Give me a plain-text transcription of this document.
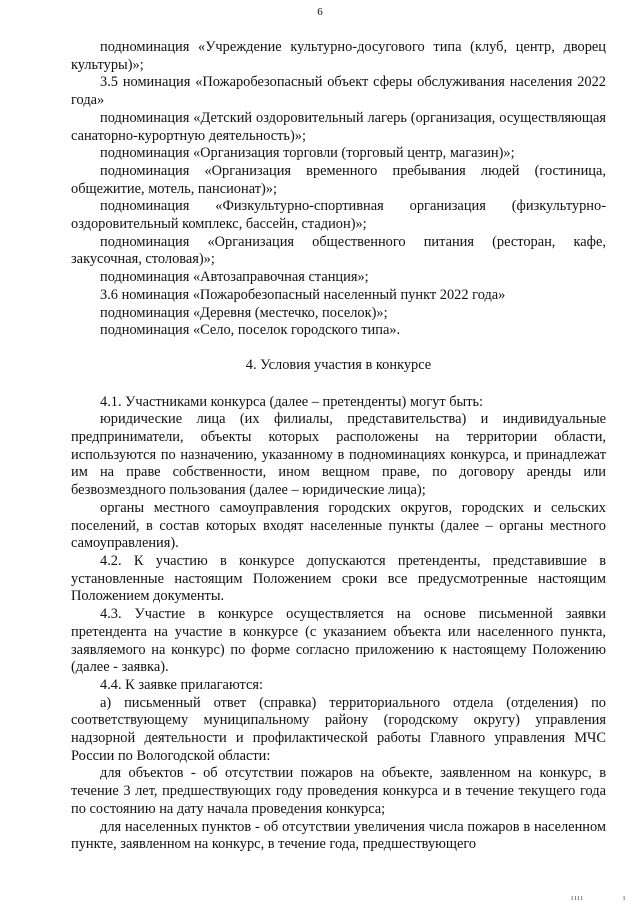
6

подноминация «Учреждение культурно-досугового типа (клуб, центр, дворец культуры)»;

3.5 номинация «Пожаробезопасный объект сферы обслуживания населения 2022 года»

подноминация «Детский оздоровительный лагерь (организация, осуществляющая санаторно-курортную деятельность)»;

подноминация «Организация торговли (торговый центр, магазин)»;

подноминация «Организация временного пребывания людей (гостиница, общежитие, мотель, пансионат)»;

подноминация «Физкультурно-спортивная организация (физкультурно-оздоровительный комплекс, бассейн, стадион)»;

подноминация «Организация общественного питания (ресторан, кафе, закусочная, столовая)»;

подноминация «Автозаправочная станция»;

3.6 номинация «Пожаробезопасный населенный пункт 2022 года»

подноминация «Деревня (местечко, поселок)»;

подноминация «Село, поселок городского типа».

4. Условия участия в конкурсе

4.1. Участниками конкурса (далее – претенденты) могут быть:

юридические лица (их филиалы, представительства) и индивидуальные предприниматели, объекты которых расположены на территории области, используются по назначению, указанному в подноминациях конкурса, и принадлежат им на праве собственности, ином вещном праве, по договору аренды или безвозмездного пользования (далее – юридические лица);

органы местного самоуправления городских округов, городских и сельских поселений, в состав которых входят населенные пункты (далее – органы местного самоуправления).

4.2. К участию в конкурсе допускаются претенденты, представившие в установленные настоящим Положением сроки все предусмотренные настоящим Положением документы.

4.3. Участие в конкурсе осуществляется на основе письменной заявки претендента на участие в конкурсе (с указанием объекта или населенного пункта, заявляемого на конкурс) по форме согласно приложению к настоящему Положению (далее - заявка).

4.4. К заявке прилагаются:

а) письменный ответ (справка) территориального отдела (отделения) по соответствующему муниципальному району (городскому округу) управления надзорной деятельности и профилактической работы Главного управления МЧС России по Вологодской области:

для объектов - об отсутствии пожаров на объекте, заявленном на конкурс, в течение 3 лет, предшествующих году проведения конкурса и в течение текущего года по состоянию на дату начала проведения конкурса;

для населенных пунктов - об отсутствии увеличения числа пожаров в населенном пункте, заявленном на конкурс, в течение года, предшествующего

ıııı	ı
